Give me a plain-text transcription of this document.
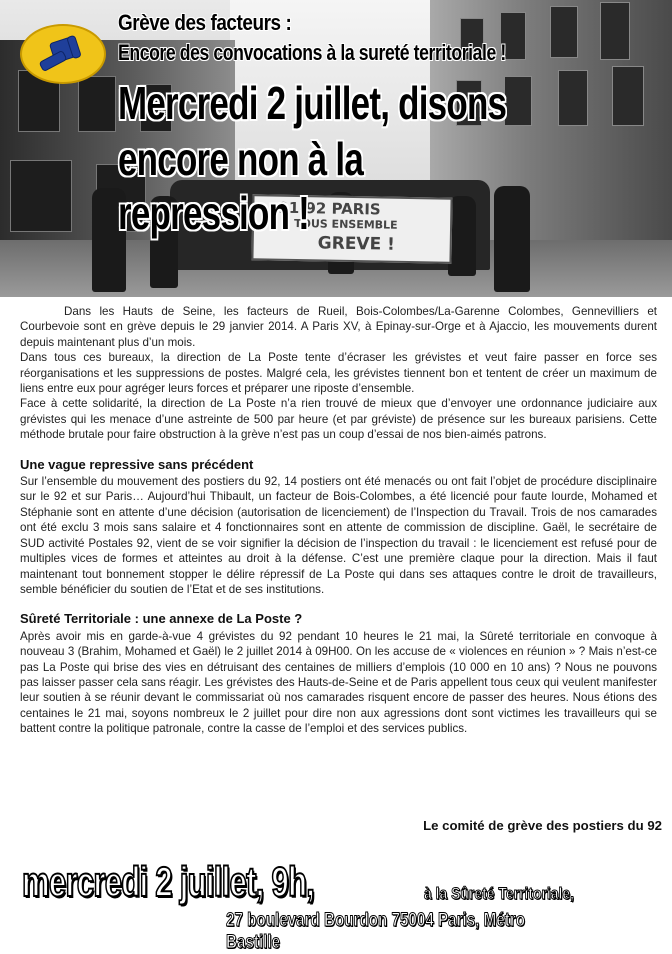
91-92 PARIS
TOUS ENSEMBLE
GREVE !
Grève des facteurs :
Encore des convocations à la sureté territoriale !
Mercredi 2 juillet, disons
encore non à la repression !

Dans les Hauts de Seine, les facteurs de Rueil, Bois-Colombes/La-Garenne Colombes, Gennevilliers et Courbevoie sont en grève depuis le 29 janvier 2014. A Paris XV, à Epinay-sur-Orge et à Ajaccio, les mouvements durent depuis maintenant plus d’un mois.

Dans tous ces bureaux, la direction de La Poste tente d’écraser les grévistes et veut faire passer en force ses réorganisations et les suppressions de postes. Malgré cela, les grévistes tiennent bon et tentent de créer un maximum de liens entre eux pour agréger leurs forces et préparer une riposte d’ensemble.

Face à cette solidarité, la direction de La Poste n’a rien trouvé de mieux que d’envoyer une ordonnance judiciaire aux grévistes qui les menace d’une astreinte de 500 par heure (et par gréviste) de présence sur les bureaux parisiens. Cette méthode brutale pour faire obstruction à la grève n’est pas un coup d’essai de nos bien-aimés patrons.

Une vague repressive sans précédent

Sur l’ensemble du mouvement des postiers du 92, 14 postiers ont été menacés ou ont fait l’objet de procédure disciplinaire sur le 92 et sur Paris… Aujourd’hui Thibault, un facteur de Bois-Colombes, a été licencié pour faute lourde, Mohamed et Stéphanie sont en attente d’une décision (autorisation de licenciement) de l’Inspection du Travail. Trois de nos camarades ont été exclu 3 mois sans salaire et 4 fonctionnaires sont en attente de commission de discipline. Gaël, le secrétaire de SUD activité Postales 92, vient de se voir signifier la décision de l’inspection du travail : le licenciement est refusé pour de multiples vices de formes et atteintes au droit à la défense. C’est une première claque pour la direction. Mais il faut maintenant tout bonnement stopper le délire répressif de La Poste qui dans ses attaques contre le droit de travailleurs, semble bénéficier du soutien de l’Etat et de ses institutions.

Sûreté Territoriale : une annexe de La Poste ?

Après avoir mis en garde-à-vue 4 grévistes du 92 pendant 10 heures le 21 mai, la Sûreté territoriale en convoque à nouveau 3 (Brahim, Mohamed et Gaël) le 2 juillet 2014 à 09H00. On les accuse de « violences en réunion » ? Mais n’est-ce pas La Poste qui brise des vies en détruisant des centaines de milliers d’emplois (10 000 en 10 ans) ? Nous ne pouvons pas laisser passer cela sans réagir. Les grévistes des Hauts-de-Seine et de Paris appellent tous ceux qui veulent manifester leur soutien à se réunir devant le commissariat où nos camarades risquent encore de passer des heures. Nous étions des centaines le 21 mai, soyons nombreux le 2 juillet pour dire non aux agressions dont sont victimes les travailleurs qui se battent contre la politique patronale, contre la casse de l’emploi et des services publics.

Le comité de grève des postiers du 92
mercredi 2 juillet, 9h,	à la Sûreté Territoriale,
27 boulevard Bourdon 75004 Paris, Métro Bastille
